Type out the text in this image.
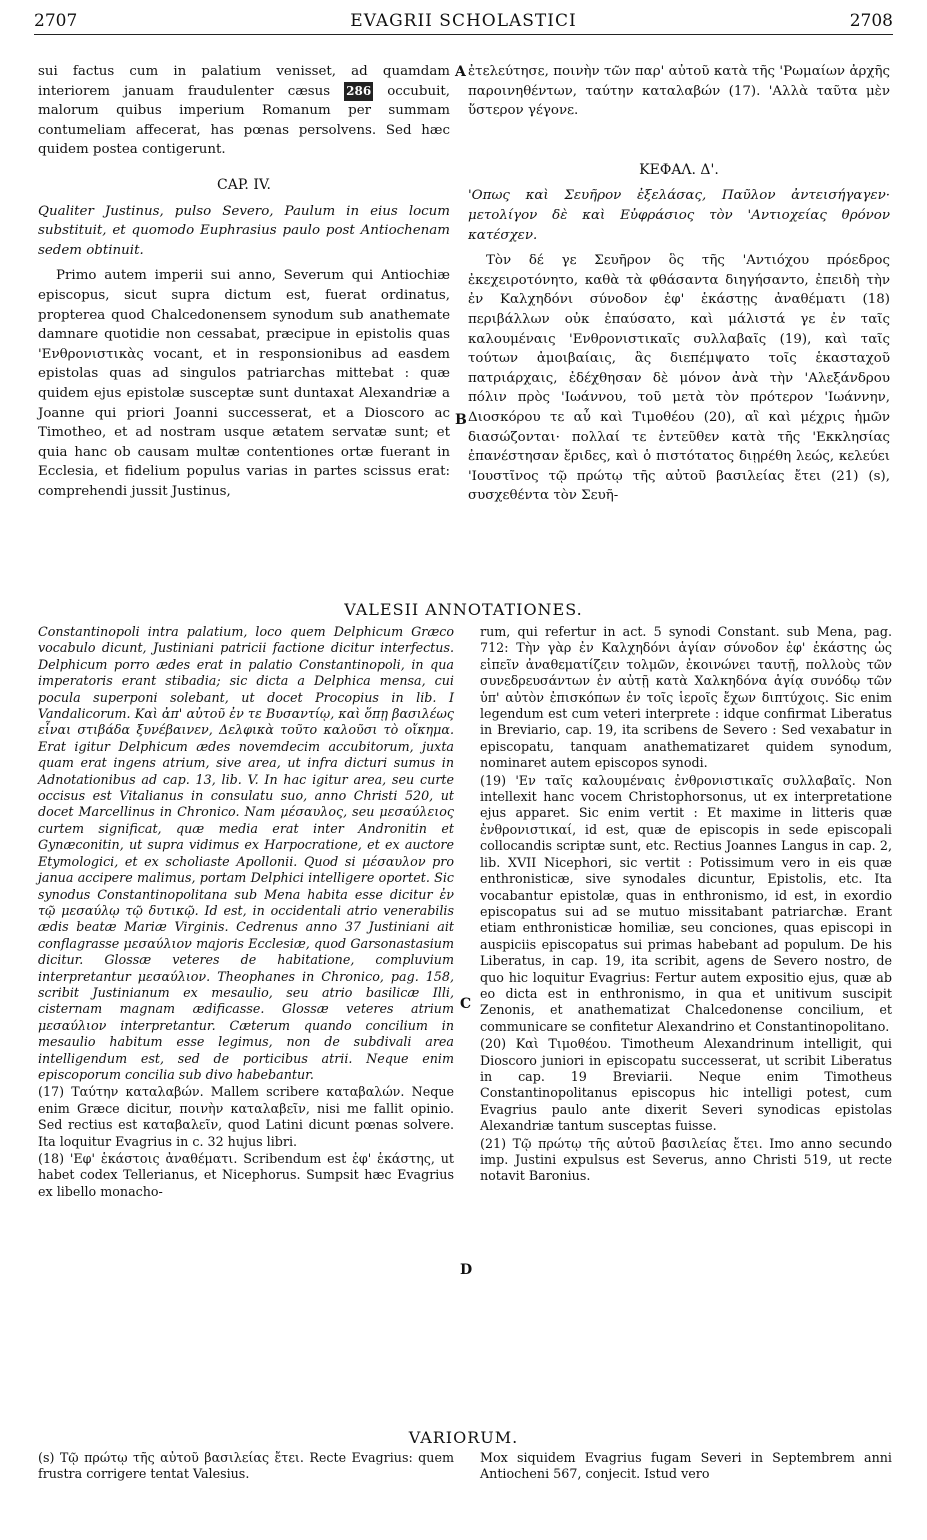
2707	EVAGRII SCHOLASTICI	2708

sui factus cum in palatium venisset, ad quamdam interiorem januam fraudulenter cæsus 286 occubuit, malorum quibus imperium Romanum per summam contumeliam affecerat, has pœnas persolvens. Sed hæc quidem postea contigerunt.

CAP. IV.

Qualiter Justinus, pulso Severo, Paulum in eius locum substituit, et quomodo Euphrasius paulo post Antiochenam sedem obtinuit.

Primo autem imperii sui anno, Severum qui Antiochiæ episcopus, sicut supra dictum est, fuerat ordinatus, propterea quod Chalcedonensem synodum sub anathemate damnare quotidie non cessabat, præcipue in epistolis quas 'Ενθρονιστικὰς vocant, et in responsionibus ad easdem epistolas quas ad singulos patriarchas mittebat : quæ quidem ejus epistolæ susceptæ sunt duntaxat Alexandriæ a Joanne qui priori Joanni successerat, et a Dioscoro ac Timotheo, et ad nostram usque ætatem servatæ sunt; et quia hanc ob causam multæ contentiones ortæ fuerant in Ecclesia, et fidelium populus varias in partes scissus erat: comprehendi jussit Justinus,

A
B
C
D

ἐτελεύτησε, ποινὴν τῶν παρ' αὐτοῦ κατὰ τῆς 'Ρωμαίων ἀρχῆς παροινηθέντων, ταύτην καταλαβών (17). 'Αλλὰ ταῦτα μὲν ὕστερον γέγονε.

ΚΕΦΑΛ. Δ'.

'Οπως καὶ Σευῆρον ἐξελάσας, Παῦλον ἀντεισήγαγεν· μετολίγον δὲ καὶ Εὐφράσιος τὸν 'Αντιοχείας θρόνον κατέσχεν.

Τὸν δέ γε Σευῆρον ὃς τῆς 'Αντιόχου πρόεδρος ἐκεχειροτόνητο, καθὰ τὰ φθάσαντα διηγήσαντο, ἐπειδὴ τὴν ἐν Καλχηδόνι σύνοδον ἐφ' ἑκάστῃς ἀναθέματι (18) περιβάλλων οὐκ ἐπαύσατο, καὶ μάλιστά γε ἐν ταῖς καλουμέναις 'Ενθρονιστικαῖς συλλαβαῖς (19), καὶ ταῖς τούτων ἀμοιβαίαις, ἃς διεπέμψατο τοῖς ἑκασταχοῦ πατριάρχαις, ἐδέχθησαν δὲ μόνον ἀνὰ τὴν 'Αλεξάνδρου πόλιν πρὸς 'Ιωάννου, τοῦ μετὰ τὸν πρότερον 'Ιωάννην, Διοσκόρου τε αὖ καὶ Τιμοθέου (20), αἳ καὶ μέχρις ἡμῶν διασώζονται· πολλαί τε ἐντεῦθεν κατὰ τῆς 'Εκκλησίας ἐπανέστησαν ἔριδες, καὶ ὁ πιστότατος διῃρέθη λεώς, κελεύει 'Ιουστῖνος τῷ πρώτῳ τῆς αὐτοῦ βασιλείας ἔτει (21) (s), συσχεθέντα τὸν Σευῆ-

VALESII ANNOTATIONES.

Constantinopoli intra palatium, loco quem Delphicum Græco vocabulo dicunt, Justiniani patricii factione dicitur interfectus. Delphicum porro ædes erat in palatio Constantinopoli, in qua imperatoris erant stibadia; sic dicta a Delphica mensa, cui pocula superponi solebant, ut docet Procopius in lib. I Vandalicorum. Καὶ ἀπ' αὐτοῦ ἐν τε Βυσαντίῳ, καὶ ὅπῃ βασιλέως εἶναι στιβάδα ξυνέβαινεν, Δελφικὰ τοῦτο καλοῦσι τὸ οἴκημα. Erat igitur Delphicum ædes novemdecim accubitorum, juxta quam erat ingens atrium, sive area, ut infra dicturi sumus in Adnotationibus ad cap. 13, lib. V. In hac igitur area, seu curte occisus est Vitalianus in consulatu suo, anno Christi 520, ut docet Marcellinus in Chronico. Nam μέσαυλος, seu μεσαύλειος curtem significat, quæ media erat inter Andronitin et Gynæconitin, ut supra vidimus ex Harpocratione, et ex auctore Etymologici, et ex scholiaste Apollonii. Quod si μέσαυλον pro janua accipere malimus, portam Delphici intelligere oportet. Sic synodus Constantinopolitana sub Mena habita esse dicitur ἐν τῷ μεσαύλῳ τῷ δυτικῷ. Id est, in occidentali atrio venerabilis ædis beatæ Mariæ Virginis. Cedrenus anno 37 Justiniani ait conflagrasse μεσαύλιον majoris Ecclesiæ, quod Garsonastasium dicitur. Glossæ veteres de habitatione, compluvium interpretantur μεσαύλιον. Theophanes in Chronico, pag. 158, scribit Justinianum ex mesaulio, seu atrio basilicæ Illi, cisternam magnam ædificasse. Glossæ veteres atrium μεσαύλιον interpretantur. Cæterum quando concilium in mesaulio habitum esse legimus, non de subdivali area intelligendum est, sed de porticibus atrii. Neque enim episcoporum concilia sub divo habebantur.

(17) Ταύτην καταλαβών. Mallem scribere καταβαλών. Neque enim Græce dicitur, ποινὴν καταλαβεῖν, nisi me fallit opinio. Sed rectius est καταβαλεῖν, quod Latini dicunt pœnas solvere. Ita loquitur Evagrius in c. 32 hujus libri.

(18) 'Εφ' ἑκάστοις ἀναθέματι. Scribendum est ἐφ' ἑκάστης, ut habet codex Tellerianus, et Nicephorus. Sumpsit hæc Evagrius ex libello monacho-

rum, qui refertur in act. 5 synodi Constant. sub Mena, pag. 712: Τὴν γὰρ ἐν Καλχηδόνι ἁγίαν σύνοδον ἐφ' ἑκάστης ὡς εἰπεῖν ἀναθεματίζειν τολμῶν, ἐκοινώνει ταυτῇ, πολλοὺς τῶν συνεδρευσάντων ἐν αὐτῇ κατὰ Χαλκηδόνα ἁγίᾳ συνόδῳ τῶν ὑπ' αὐτὸν ἐπισκόπων ἐν τοῖς ἱεροῖς ἔχων διπτύχοις. Sic enim legendum est cum veteri interprete : idque confirmat Liberatus in Breviario, cap. 19, ita scribens de Severo : Sed vexabatur in episcopatu, tanquam anathematizaret quidem synodum, nominaret autem episcopos synodi.

(19) 'Εν ταῖς καλουμέναις ἐνθρονιστικαῖς συλλαβαῖς. Non intellexit hanc vocem Christophorsonus, ut ex interpretatione ejus apparet. Sic enim vertit : Et maxime in litteris quæ ἐνθρονιστικαί, id est, quæ de episcopis in sede episcopali collocandis scriptæ sunt, etc. Rectius Joannes Langus in cap. 2, lib. XVII Nicephori, sic vertit : Potissimum vero in eis quæ enthronisticæ, sive synodales dicuntur, Epistolis, etc. Ita vocabantur epistolæ, quas in enthronismo, id est, in exordio episcopatus sui ad se mutuo missitabant patriarchæ. Erant etiam enthronisticæ homiliæ, seu conciones, quas episcopi in auspiciis episcopatus sui primas habebant ad populum. De his Liberatus, in cap. 19, ita scribit, agens de Severo nostro, de quo hic loquitur Evagrius: Fertur autem expositio ejus, quæ ab eo dicta est in enthronismo, in qua et unitivum suscipit Zenonis, et anathematizat Chalcedonense concilium, et communicare se confitetur Alexandrino et Constantinopolitano.

(20) Καὶ Τιμοθέου. Timotheum Alexandrinum intelligit, qui Dioscoro juniori in episcopatu successerat, ut scribit Liberatus in cap. 19 Breviarii. Neque enim Timotheus Constantinopolitanus episcopus hic intelligi potest, cum Evagrius paulo ante dixerit Severi synodicas epistolas Alexandriæ tantum susceptas fuisse.

(21) Τῷ πρώτῳ τῆς αὐτοῦ βασιλείας ἔτει. Imo anno secundo imp. Justini expulsus est Severus, anno Christi 519, ut recte notavit Baronius.

VARIORUM.
(s) Τῷ πρώτῳ τῆς αὐτοῦ βασιλείας ἔτει. Recte Evagrius: quem frustra corrigere tentat Valesius.
Mox siquidem Evagrius fugam Severi in Septembrem anni Antiocheni 567, conjecit. Istud vero
